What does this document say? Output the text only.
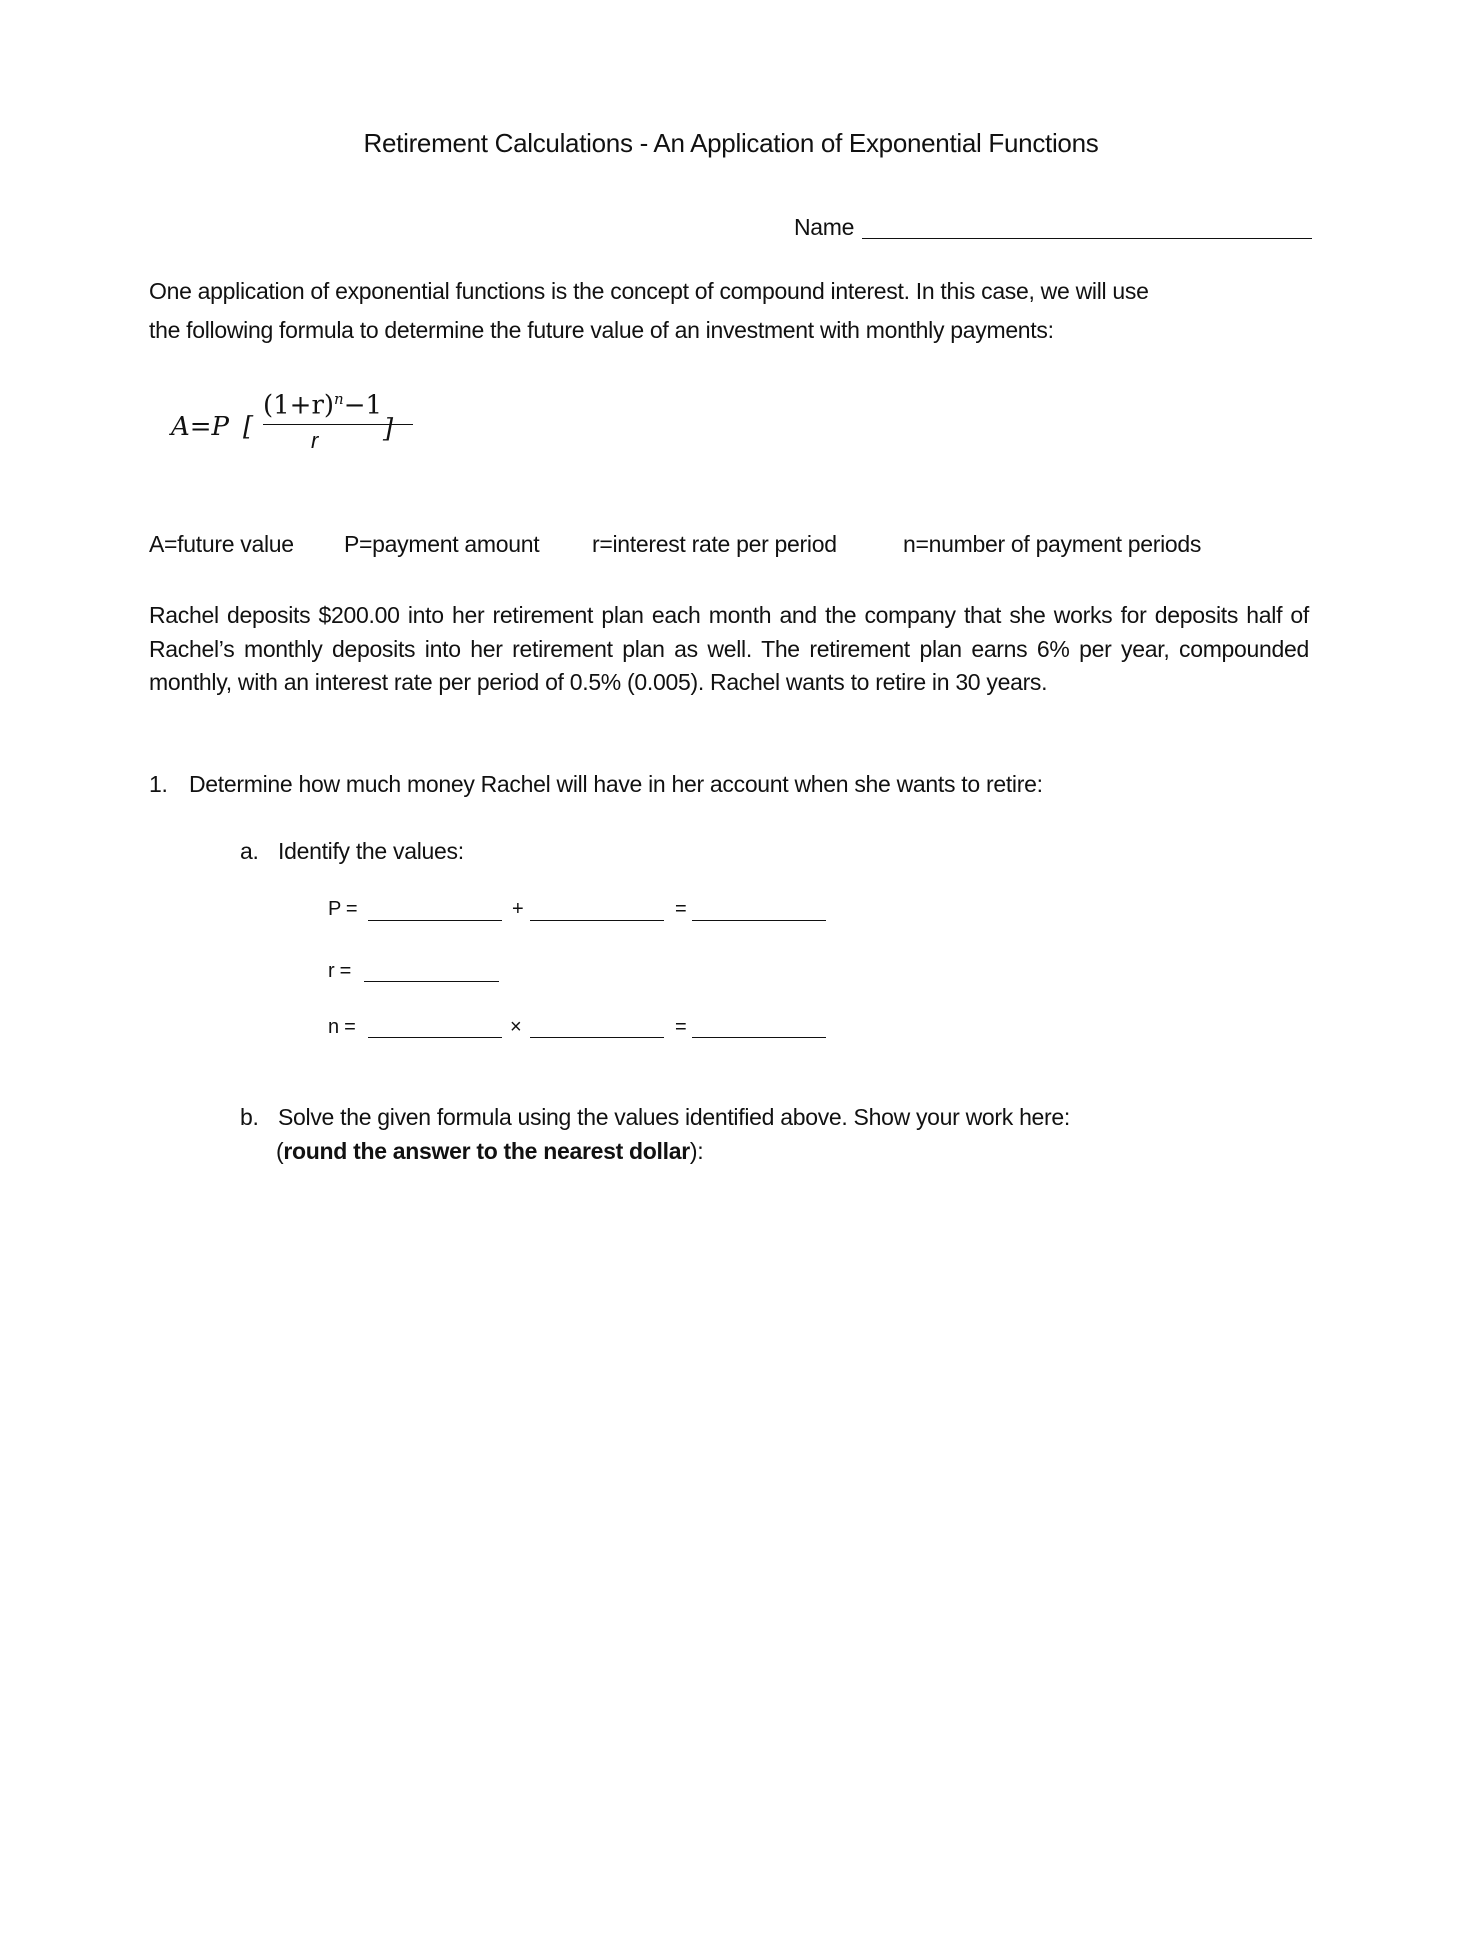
Retirement Calculations - An Application of Exponential Functions
Name
One application of exponential functions is the concept of compound interest. In this case, we will use
the following formula to determine the future value of an investment with monthly payments:
A=P [
$(1+r)^n-1$
r ]
A=future value P=payment amount r=interest rate per period	n=number of payment periods
Rachel deposits $200.00 into her retirement plan each month and the company that she works for deposits half of Rachel’s monthly deposits into her retirement plan as well. The retirement plan earns 6% per year, compounded monthly, with an interest rate per period of 0.5% (0.005). Rachel wants to retire in 30 years.
1. Determine how much money Rachel will have in her account when she wants to retire:
a. Identify the values:
P =	+	=
r =
n =	×	=
b. Solve the given formula using the values identified above. Show your work here:
(round the answer to the nearest dollar):
